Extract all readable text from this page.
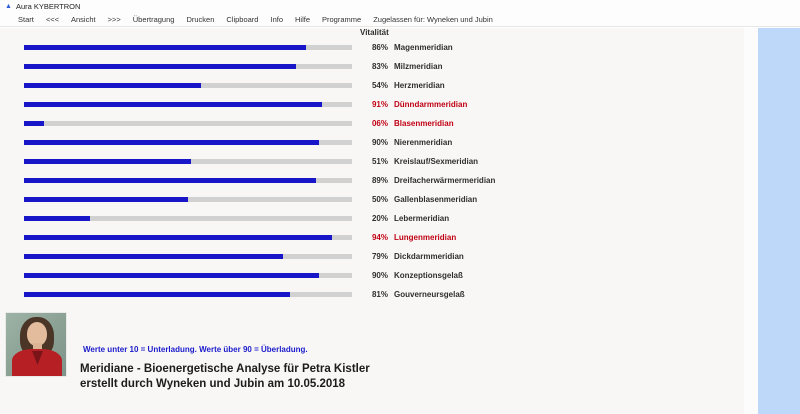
▲ Aura KYBERTRON
Start <<< Ansicht >>> Übertragung Drucken Clipboard Info Hilfe Programme Zugelassen für: Wyneken und Jubin
Vitalität
86% Magenmeridian
83% Milzmeridian
54% Herzmeridian
91% Dünndarmmeridian
06% Blasenmeridian
90% Nierenmeridian
51% Kreislauf/Sexmeridian
89% Dreifacherwärmermeridian
50% Gallenblasenmeridian
20% Lebermeridian
94% Lungenmeridian
79% Dickdarmmeridian
90% Konzeptionsgelaß
81% Gouverneursgelaß
Werte unter 10 = Unterladung. Werte über 90 = Überladung.
Meridiane - Bioenergetische Analyse für Petra Kistler
erstellt durch Wyneken und Jubin am 10.05.2018
